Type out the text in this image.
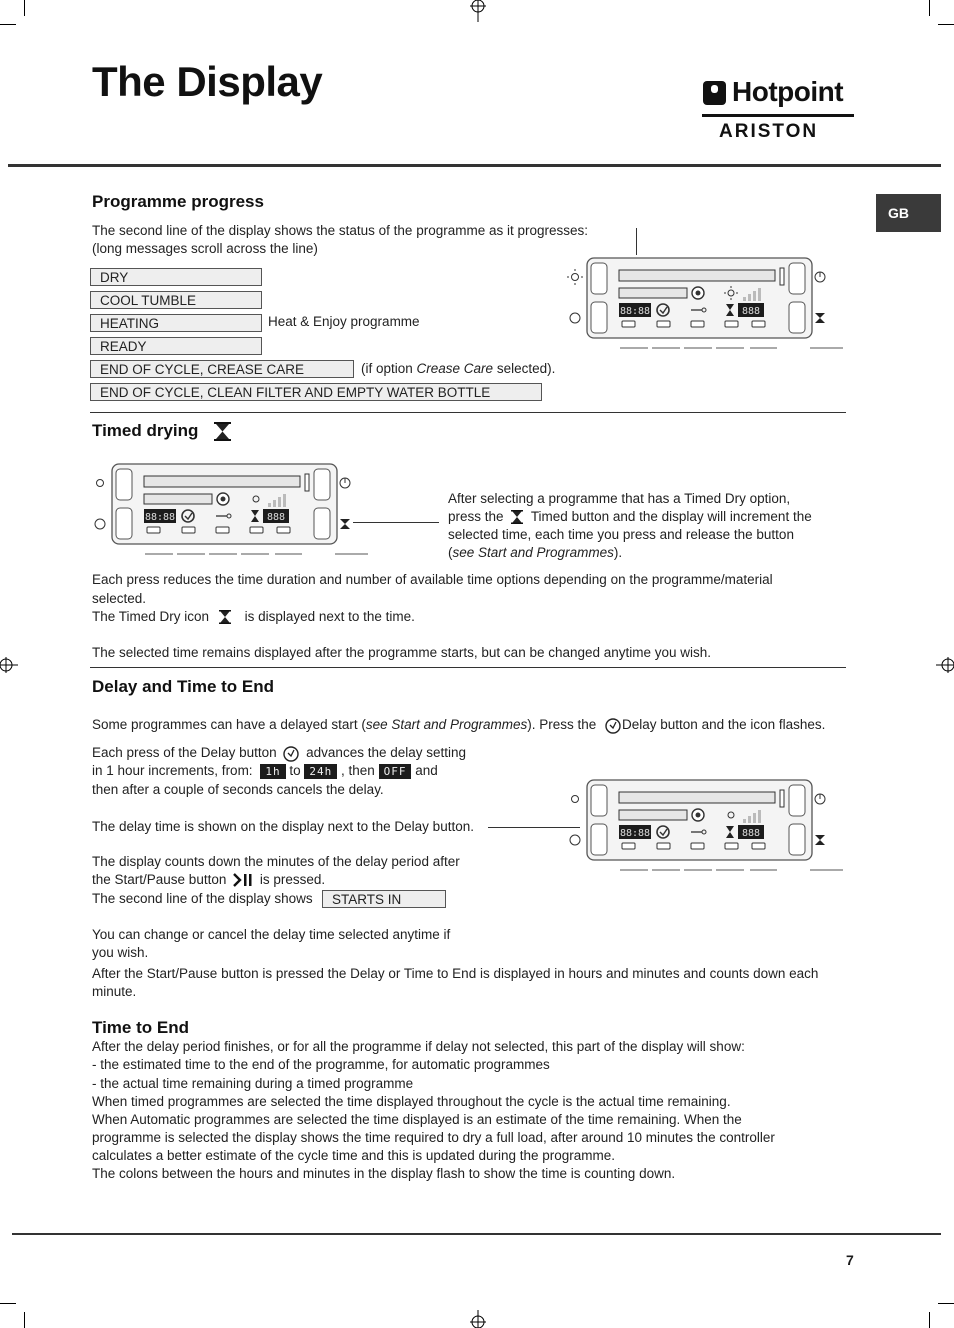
The Display	Hotpoint
ARISTON
GB
Programme progress
The second line of the display shows the status of the programme as it progresses:
(long messages scroll across the line)
DRY
COOL TUMBLE
HEATING	Heat & Enjoy programme
READY
END OF CYCLE, CREASE CARE	(if option Crease Care selected).
END OF CYCLE, CLEAN FILTER AND EMPTY WATER BOTTLE
88:88	888
Timed drying
88:88	888
After selecting a programme that has a Timed Dry option,
press the Timed button and the display will increment the
selected time, each time you press and release the button
(see Start and Programmes).
Each press reduces the time duration and number of available time options depending on the programme/material
selected.
The Timed Dry icon	is displayed next to the time.
The selected time remains displayed after the programme starts, but can be changed anytime you wish.
Delay and Time to End
Some programmes can have a delayed start (see Start and Programmes). Press the Delay button and the icon flashes.
Each press of the Delay button advances the delay setting
in 1 hour increments, from: 1h to 24h , then OFF and
then after a couple of seconds cancels the delay.
The delay time is shown on the display next to the Delay button.
The display counts down the minutes of the delay period after
the Start/Pause button is pressed.
The second line of the display shows	STARTS IN
You can change or cancel the delay time selected anytime if
you wish.
88:88	888
After the Start/Pause button is pressed the Delay or Time to End is displayed in hours and minutes and counts down each
minute.
Time to End
After the delay period finishes, or for all the programme if delay not selected, this part of the display will show:
- the estimated time to the end of the programme, for automatic programmes
- the actual time remaining during a timed programme
When timed programmes are selected the time displayed throughout the cycle is the actual time remaining.
When Automatic programmes are selected the time displayed is an estimate of the time remaining. When the
programme is selected the display shows the time required to dry a full load, after around 10 minutes the controller
calculates a better estimate of the cycle time and this is updated during the programme.
The colons between the hours and minutes in the display flash to show the time is counting down.
7
